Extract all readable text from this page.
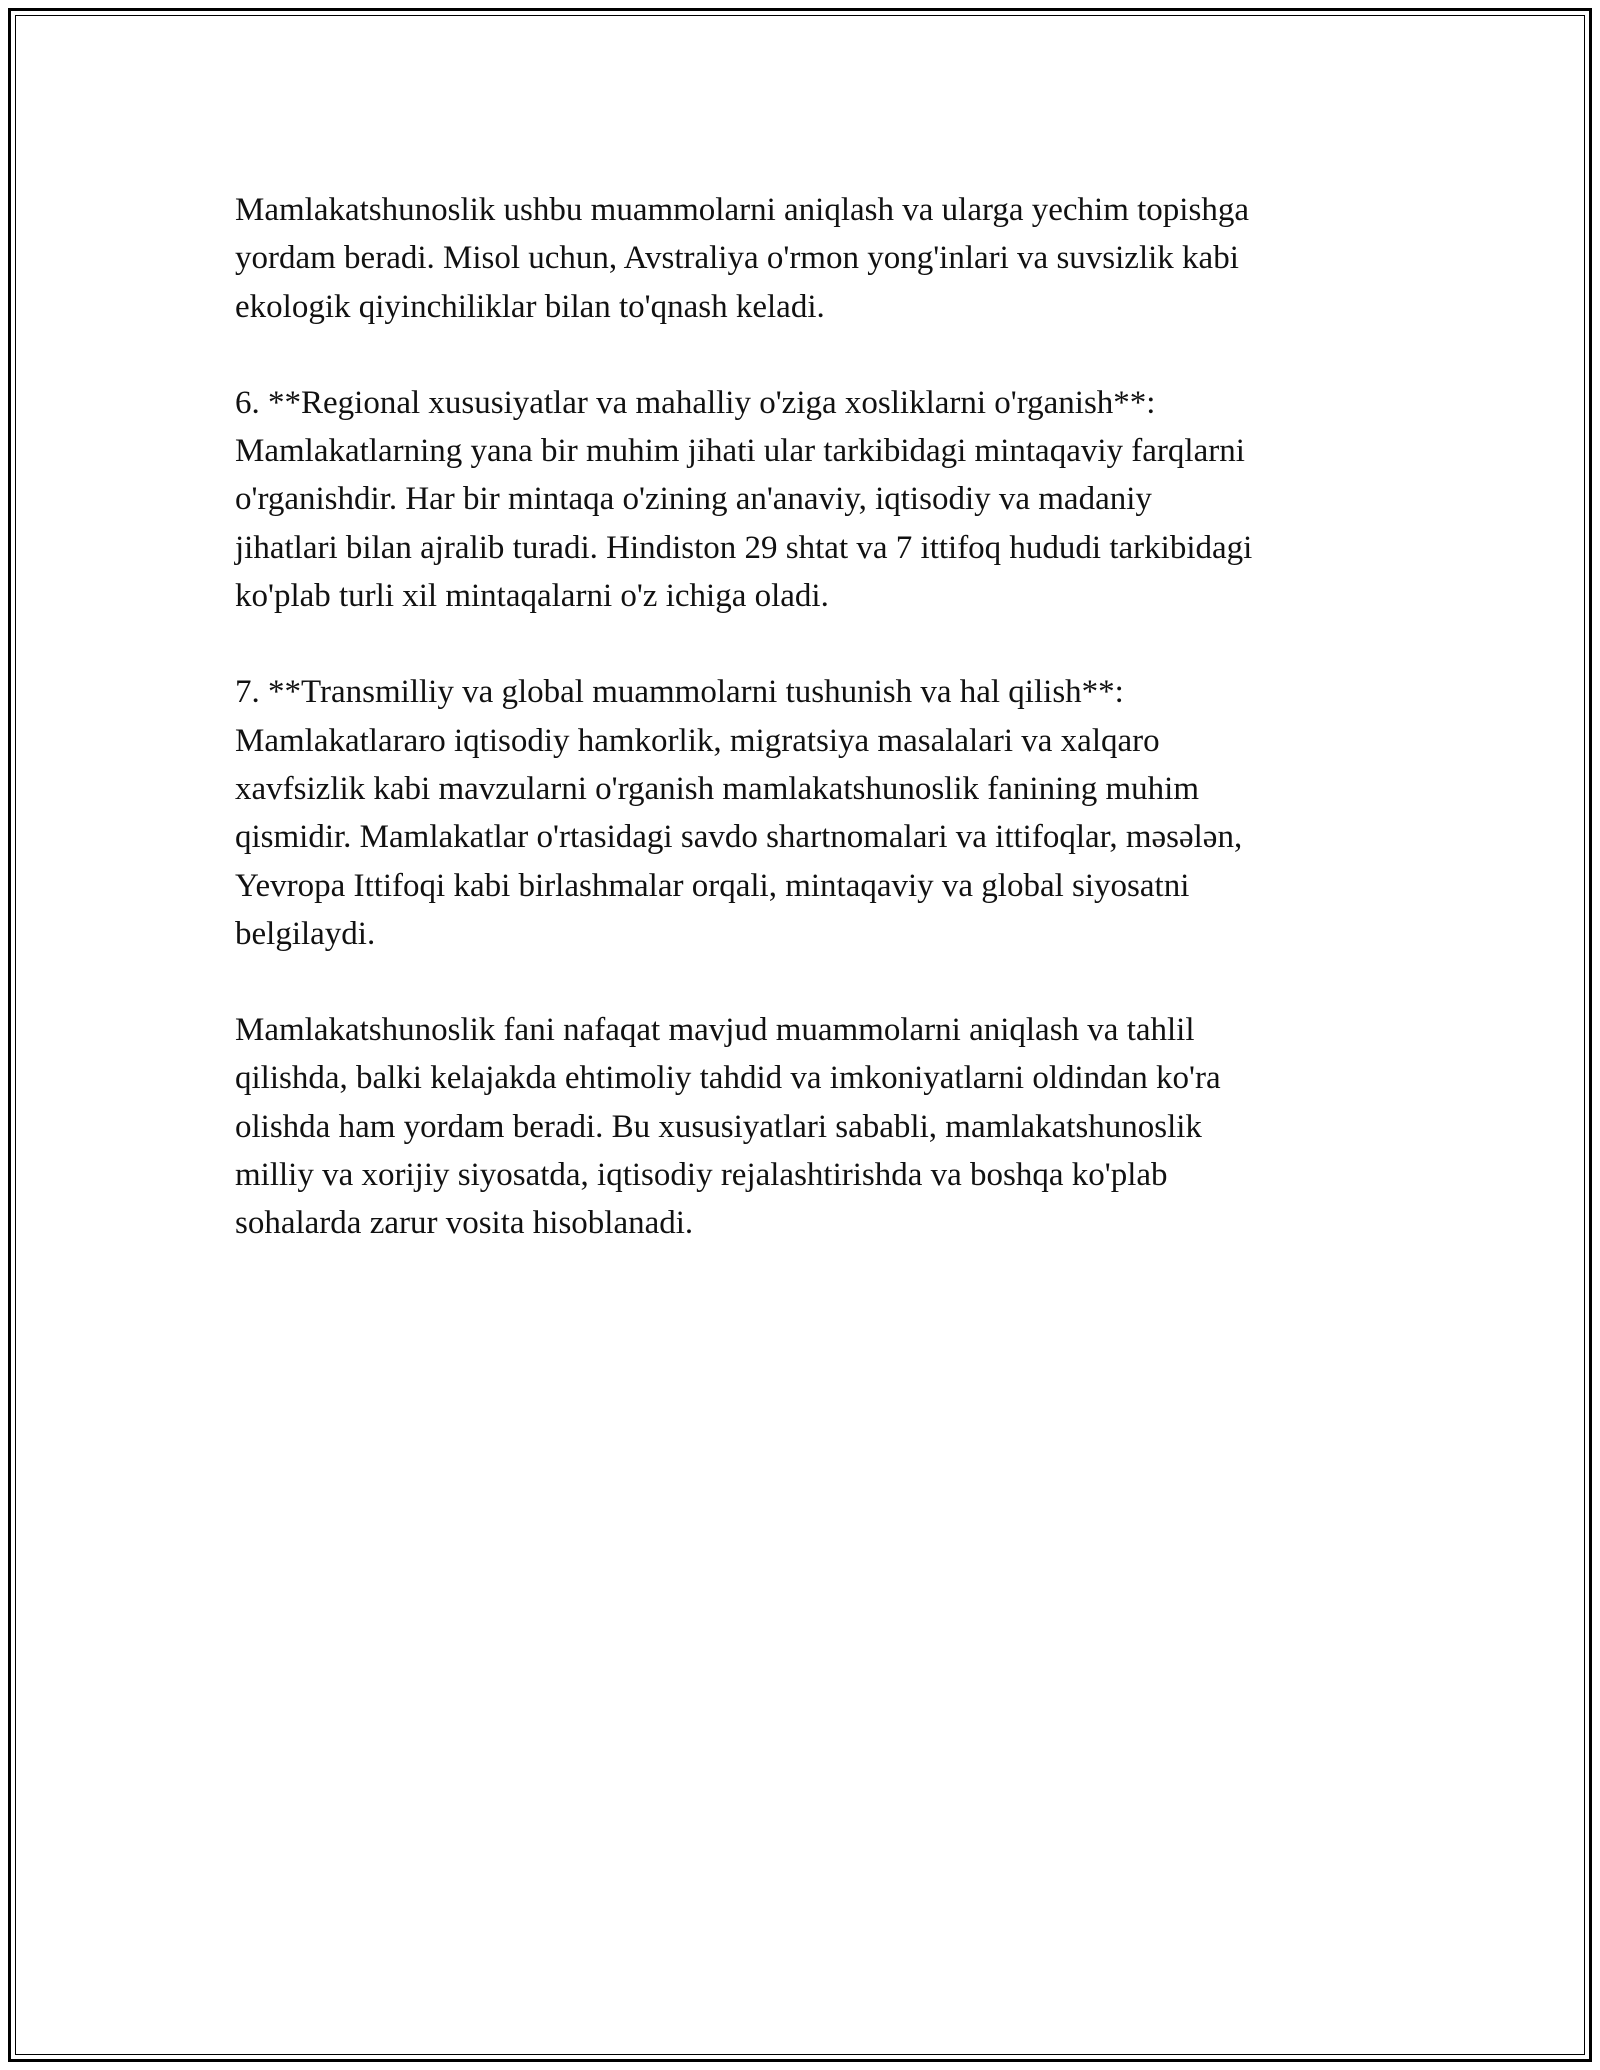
Mamlakatshunoslik ushbu muammolarni aniqlash va ularga yechim topishga
yordam beradi. Misol uchun, Avstraliya o'rmon yong'inlari va suvsizlik kabi
ekologik qiyinchiliklar bilan to'qnash keladi.

6. **Regional xususiyatlar va mahalliy o'ziga xosliklarni o'rganish**:
Mamlakatlarning yana bir muhim jihati ular tarkibidagi mintaqaviy farqlarni
o'rganishdir. Har bir mintaqa o'zining an'anaviy, iqtisodiy va madaniy
jihatlari bilan ajralib turadi. Hindiston 29 shtat va 7 ittifoq hududi tarkibidagi
ko'plab turli xil mintaqalarni o'z ichiga oladi.

7. **Transmilliy va global muammolarni tushunish va hal qilish**:
Mamlakatlararo iqtisodiy hamkorlik, migratsiya masalalari va xalqaro
xavfsizlik kabi mavzularni o'rganish mamlakatshunoslik fanining muhim
qismidir. Mamlakatlar o'rtasidagi savdo shartnomalari va ittifoqlar, məsələn,
Yevropa Ittifoqi kabi birlashmalar orqali, mintaqaviy va global siyosatni
belgilaydi.

Mamlakatshunoslik fani nafaqat mavjud muammolarni aniqlash va tahlil
qilishda, balki kelajakda ehtimoliy tahdid va imkoniyatlarni oldindan ko'ra
olishda ham yordam beradi. Bu xususiyatlari sababli, mamlakatshunoslik
milliy va xorijiy siyosatda, iqtisodiy rejalashtirishda va boshqa ko'plab
sohalarda zarur vosita hisoblanadi.
